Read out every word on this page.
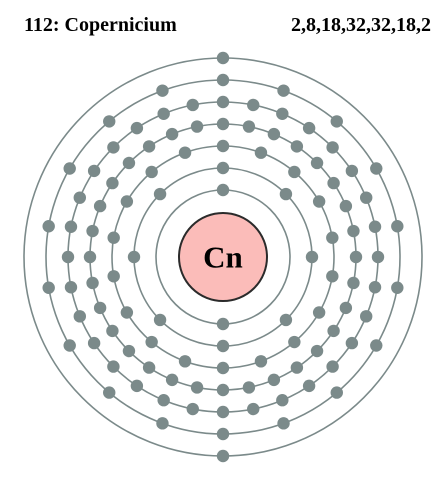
112: Copernicium	2,8,18,32,32,18,2
Cn
